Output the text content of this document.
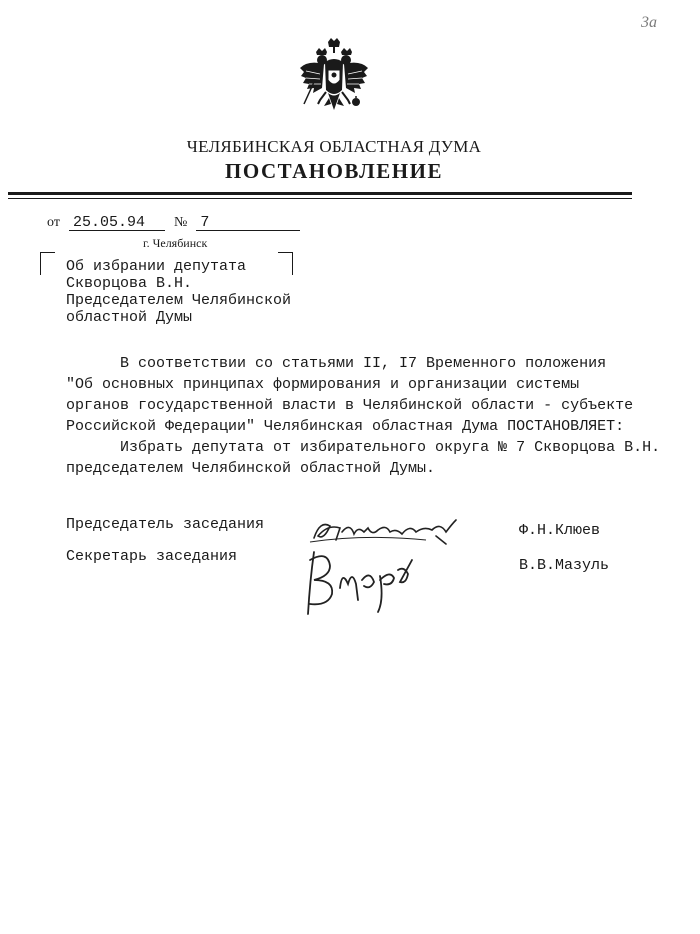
3а
ЧЕЛЯБИНСКАЯ ОБЛАСТНАЯ ДУМА
ПОСТАНОВЛЕНИЕ
от 25.05.94 № 7
г. Челябинск
Об избрании депутата
Скворцова В.Н.
Председателем Челябинской
областной Думы
В соответствии со статьями II, I7 Временного положения
"Об основных принципах формирования и организации системы
органов государственной власти в Челябинской области - субъекте
Российской Федерации" Челябинская областная Дума ПОСТАНОВЛЯЕТ:
Избрать депутата от избирательного округа № 7 Скворцова В.Н.
председателем Челябинской областной Думы.
Председатель заседания
Секретарь заседания
Ф.Н.Клюев
В.В.Мазуль
